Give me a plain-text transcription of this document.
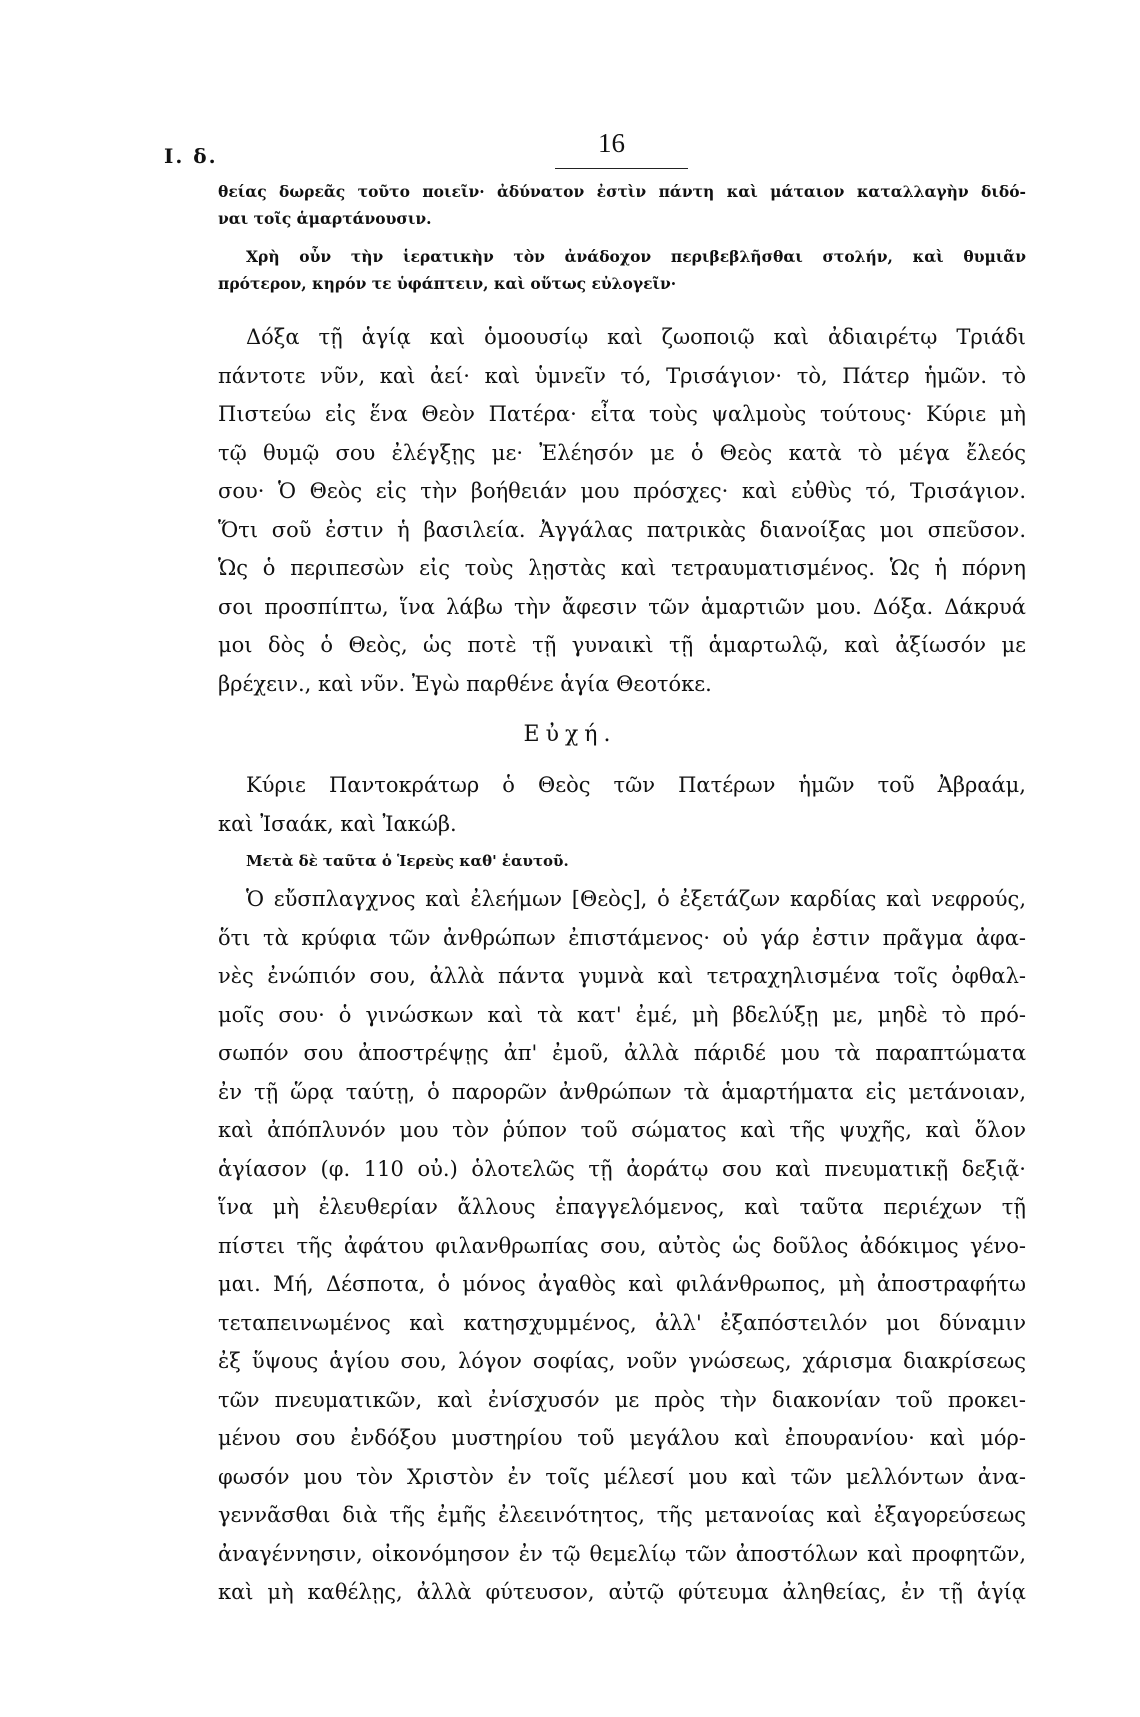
I. δ.	16
θείας δωρεᾶς τοῦτο ποιεῖν· ἀδύνατον ἐστὶν πάντη καὶ μάταιον καταλλαγὴν διδό-
ναι τοῖς ἁμαρτάνουσιν.
Χρὴ οὖν τὴν ἱερατικὴν τὸν ἀνάδοχον περιβεβλῆσθαι στολήν, καὶ θυμιᾶν
πρότερον, κηρόν τε ὑφάπτειν, καὶ οὕτως εὐλογεῖν·
Δόξα τῇ ἁγίᾳ καὶ ὁμοουσίῳ καὶ ζωοποιῷ καὶ ἀδιαιρέτῳ Τριάδι
πάντοτε νῦν, καὶ ἀεί· καὶ ὑμνεῖν τό, Τρισάγιον· τὸ, Πάτερ ἡμῶν. τὸ
Πιστεύω εἰς ἕνα Θεὸν Πατέρα· εἶτα τοὺς ψαλμοὺς τούτους· Κύριε μὴ
τῷ θυμῷ σου ἐλέγξῃς με· Ἐλέησόν με ὁ Θεὸς κατὰ τὸ μέγα ἔλεός
σου· Ὁ Θεὸς εἰς τὴν βοήθειάν μου πρόσχες· καὶ εὐθὺς τό, Τρισάγιον.
Ὅτι σοῦ ἐστιν ἡ βασιλεία. Ἀγγάλας πατρικὰς διανοίξας μοι σπεῦσον.
Ὡς ὁ περιπεσὼν εἰς τοὺς λῃστὰς καὶ τετραυματισμένος. Ὡς ἡ πόρνη
σοι προσπίπτω, ἵνα λάβω τὴν ἄφεσιν τῶν ἁμαρτιῶν μου. Δόξα. Δάκρυά
μοι δὸς ὁ Θεὸς, ὡς ποτὲ τῇ γυναικὶ τῇ ἁμαρτωλῷ, καὶ ἀξίωσόν με
βρέχειν., καὶ νῦν. Ἐγὼ παρθένε ἁγία Θεοτόκε.
Εὐχή.
Κύριε Παντοκράτωρ ὁ Θεὸς τῶν Πατέρων ἡμῶν τοῦ Ἀβραάμ,
καὶ Ἰσαάκ, καὶ Ἰακώβ.
Μετὰ δὲ ταῦτα ὁ Ἱερεὺς καθ' ἑαυτοῦ.
Ὁ εὔσπλαγχνος καὶ ἐλεήμων [Θεὸς], ὁ ἐξετάζων καρδίας καὶ νεφρούς,
ὅτι τὰ κρύφια τῶν ἀνθρώπων ἐπιστάμενος· οὐ γάρ ἐστιν πρᾶγμα ἀφα-
νὲς ἐνώπιόν σου, ἀλλὰ πάντα γυμνὰ καὶ τετραχηλισμένα τοῖς ὀφθαλ-
μοῖς σου· ὁ γινώσκων καὶ τὰ κατ' ἐμέ, μὴ βδελύξῃ με, μηδὲ τὸ πρό-
σωπόν σου ἀποστρέψῃς ἀπ' ἐμοῦ, ἀλλὰ πάριδέ μου τὰ παραπτώματα
ἐν τῇ ὥρᾳ ταύτῃ, ὁ παρορῶν ἀνθρώπων τὰ ἁμαρτήματα εἰς μετάνοιαν,
καὶ ἀπόπλυνόν μου τὸν ῥύπον τοῦ σώματος καὶ τῆς ψυχῆς, καὶ ὅλον
ἁγίασον (φ. 110 οὐ.) ὁλοτελῶς τῇ ἀοράτῳ σου καὶ πνευματικῇ δεξιᾷ·
ἵνα μὴ ἐλευθερίαν ἄλλους ἐπαγγελόμενος, καὶ ταῦτα περιέχων τῇ
πίστει τῆς ἀφάτου φιλανθρωπίας σου, αὐτὸς ὡς δοῦλος ἀδόκιμος γένο-
μαι. Μή, Δέσποτα, ὁ μόνος ἀγαθὸς καὶ φιλάνθρωπος, μὴ ἀποστραφήτω
τεταπεινωμένος καὶ κατησχυμμένος, ἀλλ' ἐξαπόστειλόν μοι δύναμιν
ἐξ ὕψους ἁγίου σου, λόγον σοφίας, νοῦν γνώσεως, χάρισμα διακρίσεως
τῶν πνευματικῶν, καὶ ἐνίσχυσόν με πρὸς τὴν διακονίαν τοῦ προκει-
μένου σου ἐνδόξου μυστηρίου τοῦ μεγάλου καὶ ἐπουρανίου· καὶ μόρ-
φωσόν μου τὸν Χριστὸν ἐν τοῖς μέλεσί μου καὶ τῶν μελλόντων ἀνα-
γεννᾶσθαι διὰ τῆς ἐμῆς ἐλεεινότητος, τῆς μετανοίας καὶ ἐξαγορεύσεως
ἀναγέννησιν, οἰκονόμησον ἐν τῷ θεμελίῳ τῶν ἀποστόλων καὶ προφητῶν,
καὶ μὴ καθέλῃς, ἀλλὰ φύτευσον, αὐτῷ φύτευμα ἀληθείας, ἐν τῇ ἁγίᾳ
